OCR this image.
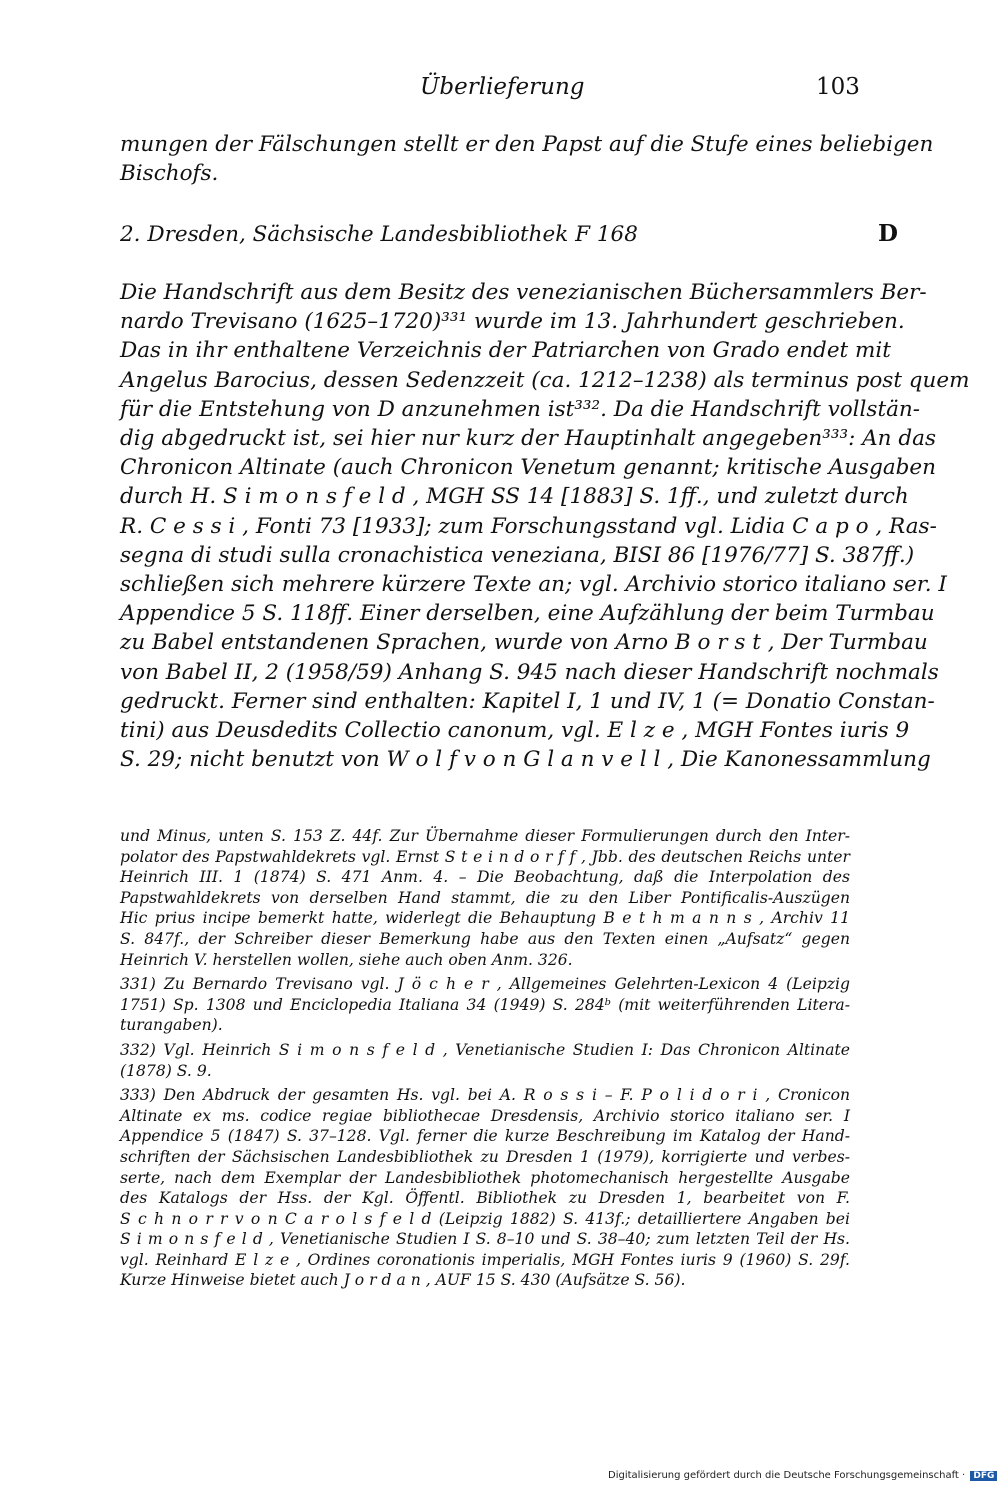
Überlieferung	103
mungen der Fälschungen stellt er den Papst auf die Stufe eines beliebigen
Bischofs.
2. Dresden, Sächsische Landesbibliothek F 168	D
Die Handschrift aus dem Besitz des venezianischen Büchersammlers Ber-
nardo Trevisano (1625–1720)³³¹ wurde im 13. Jahrhundert geschrieben.
Das in ihr enthaltene Verzeichnis der Patriarchen von Grado endet mit
Angelus Barocius, dessen Sedenzzeit (ca. 1212–1238) als terminus post quem
für die Entstehung von D anzunehmen ist³³². Da die Handschrift vollstän-
dig abgedruckt ist, sei hier nur kurz der Hauptinhalt angegeben³³³: An das
Chronicon Altinate (auch Chronicon Venetum genannt; kritische Ausgaben
durch H. S i m o n s f e l d , MGH SS 14 [1883] S. 1ff., und zuletzt durch
R. C e s s i , Fonti 73 [1933]; zum Forschungsstand vgl. Lidia C a p o , Ras-
segna di studi sulla cronachistica veneziana, BISI 86 [1976/77] S. 387ff.)
schließen sich mehrere kürzere Texte an; vgl. Archivio storico italiano ser. I
Appendice 5 S. 118ff. Einer derselben, eine Aufzählung der beim Turmbau
zu Babel entstandenen Sprachen, wurde von Arno B o r s t , Der Turmbau
von Babel II, 2 (1958/59) Anhang S. 945 nach dieser Handschrift nochmals
gedruckt. Ferner sind enthalten: Kapitel I, 1 und IV, 1 (= Donatio Constan-
tini) aus Deusdedits Collectio canonum, vgl. E l z e , MGH Fontes iuris 9
S. 29; nicht benutzt von W o l f v o n G l a n v e l l , Die Kanonessammlung
und Minus, unten S. 153 Z. 44f. Zur Übernahme dieser Formulierungen durch den Inter-
polator des Papstwahldekrets vgl. Ernst S t e i n d o r f f , Jbb. des deutschen Reichs unter
Heinrich III. 1 (1874) S. 471 Anm. 4. – Die Beobachtung, daß die Interpolation des
Papstwahldekrets von derselben Hand stammt, die zu den Liber Pontificalis-Auszügen
Hic prius incipe bemerkt hatte, widerlegt die Behauptung B e t h m a n n s , Archiv 11
S. 847f., der Schreiber dieser Bemerkung habe aus den Texten einen „Aufsatz“ gegen
Heinrich V. herstellen wollen, siehe auch oben Anm. 326.
331) Zu Bernardo Trevisano vgl. J ö c h e r , Allgemeines Gelehrten-Lexicon 4 (Leipzig
1751) Sp. 1308 und Enciclopedia Italiana 34 (1949) S. 284ᵇ (mit weiterführenden Litera-
turangaben).
332) Vgl. Heinrich S i m o n s f e l d , Venetianische Studien I: Das Chronicon Altinate
(1878) S. 9.
333) Den Abdruck der gesamten Hs. vgl. bei A. R o s s i – F. P o l i d o r i , Cronicon
Altinate ex ms. codice regiae bibliothecae Dresdensis, Archivio storico italiano ser. I
Appendice 5 (1847) S. 37–128. Vgl. ferner die kurze Beschreibung im Katalog der Hand-
schriften der Sächsischen Landesbibliothek zu Dresden 1 (1979), korrigierte und verbes-
serte, nach dem Exemplar der Landesbibliothek photomechanisch hergestellte Ausgabe
des Katalogs der Hss. der Kgl. Öffentl. Bibliothek zu Dresden 1, bearbeitet von F.
S c h n o r r v o n C a r o l s f e l d (Leipzig 1882) S. 413f.; detailliertere Angaben bei
S i m o n s f e l d , Venetianische Studien I S. 8–10 und S. 38–40; zum letzten Teil der Hs.
vgl. Reinhard E l z e , Ordines coronationis imperialis, MGH Fontes iuris 9 (1960) S. 29f.
Kurze Hinweise bietet auch J o r d a n , AUF 15 S. 430 (Aufsätze S. 56).
Digitalisierung gefördert durch die Deutsche Forschungsgemeinschaft · DFG
